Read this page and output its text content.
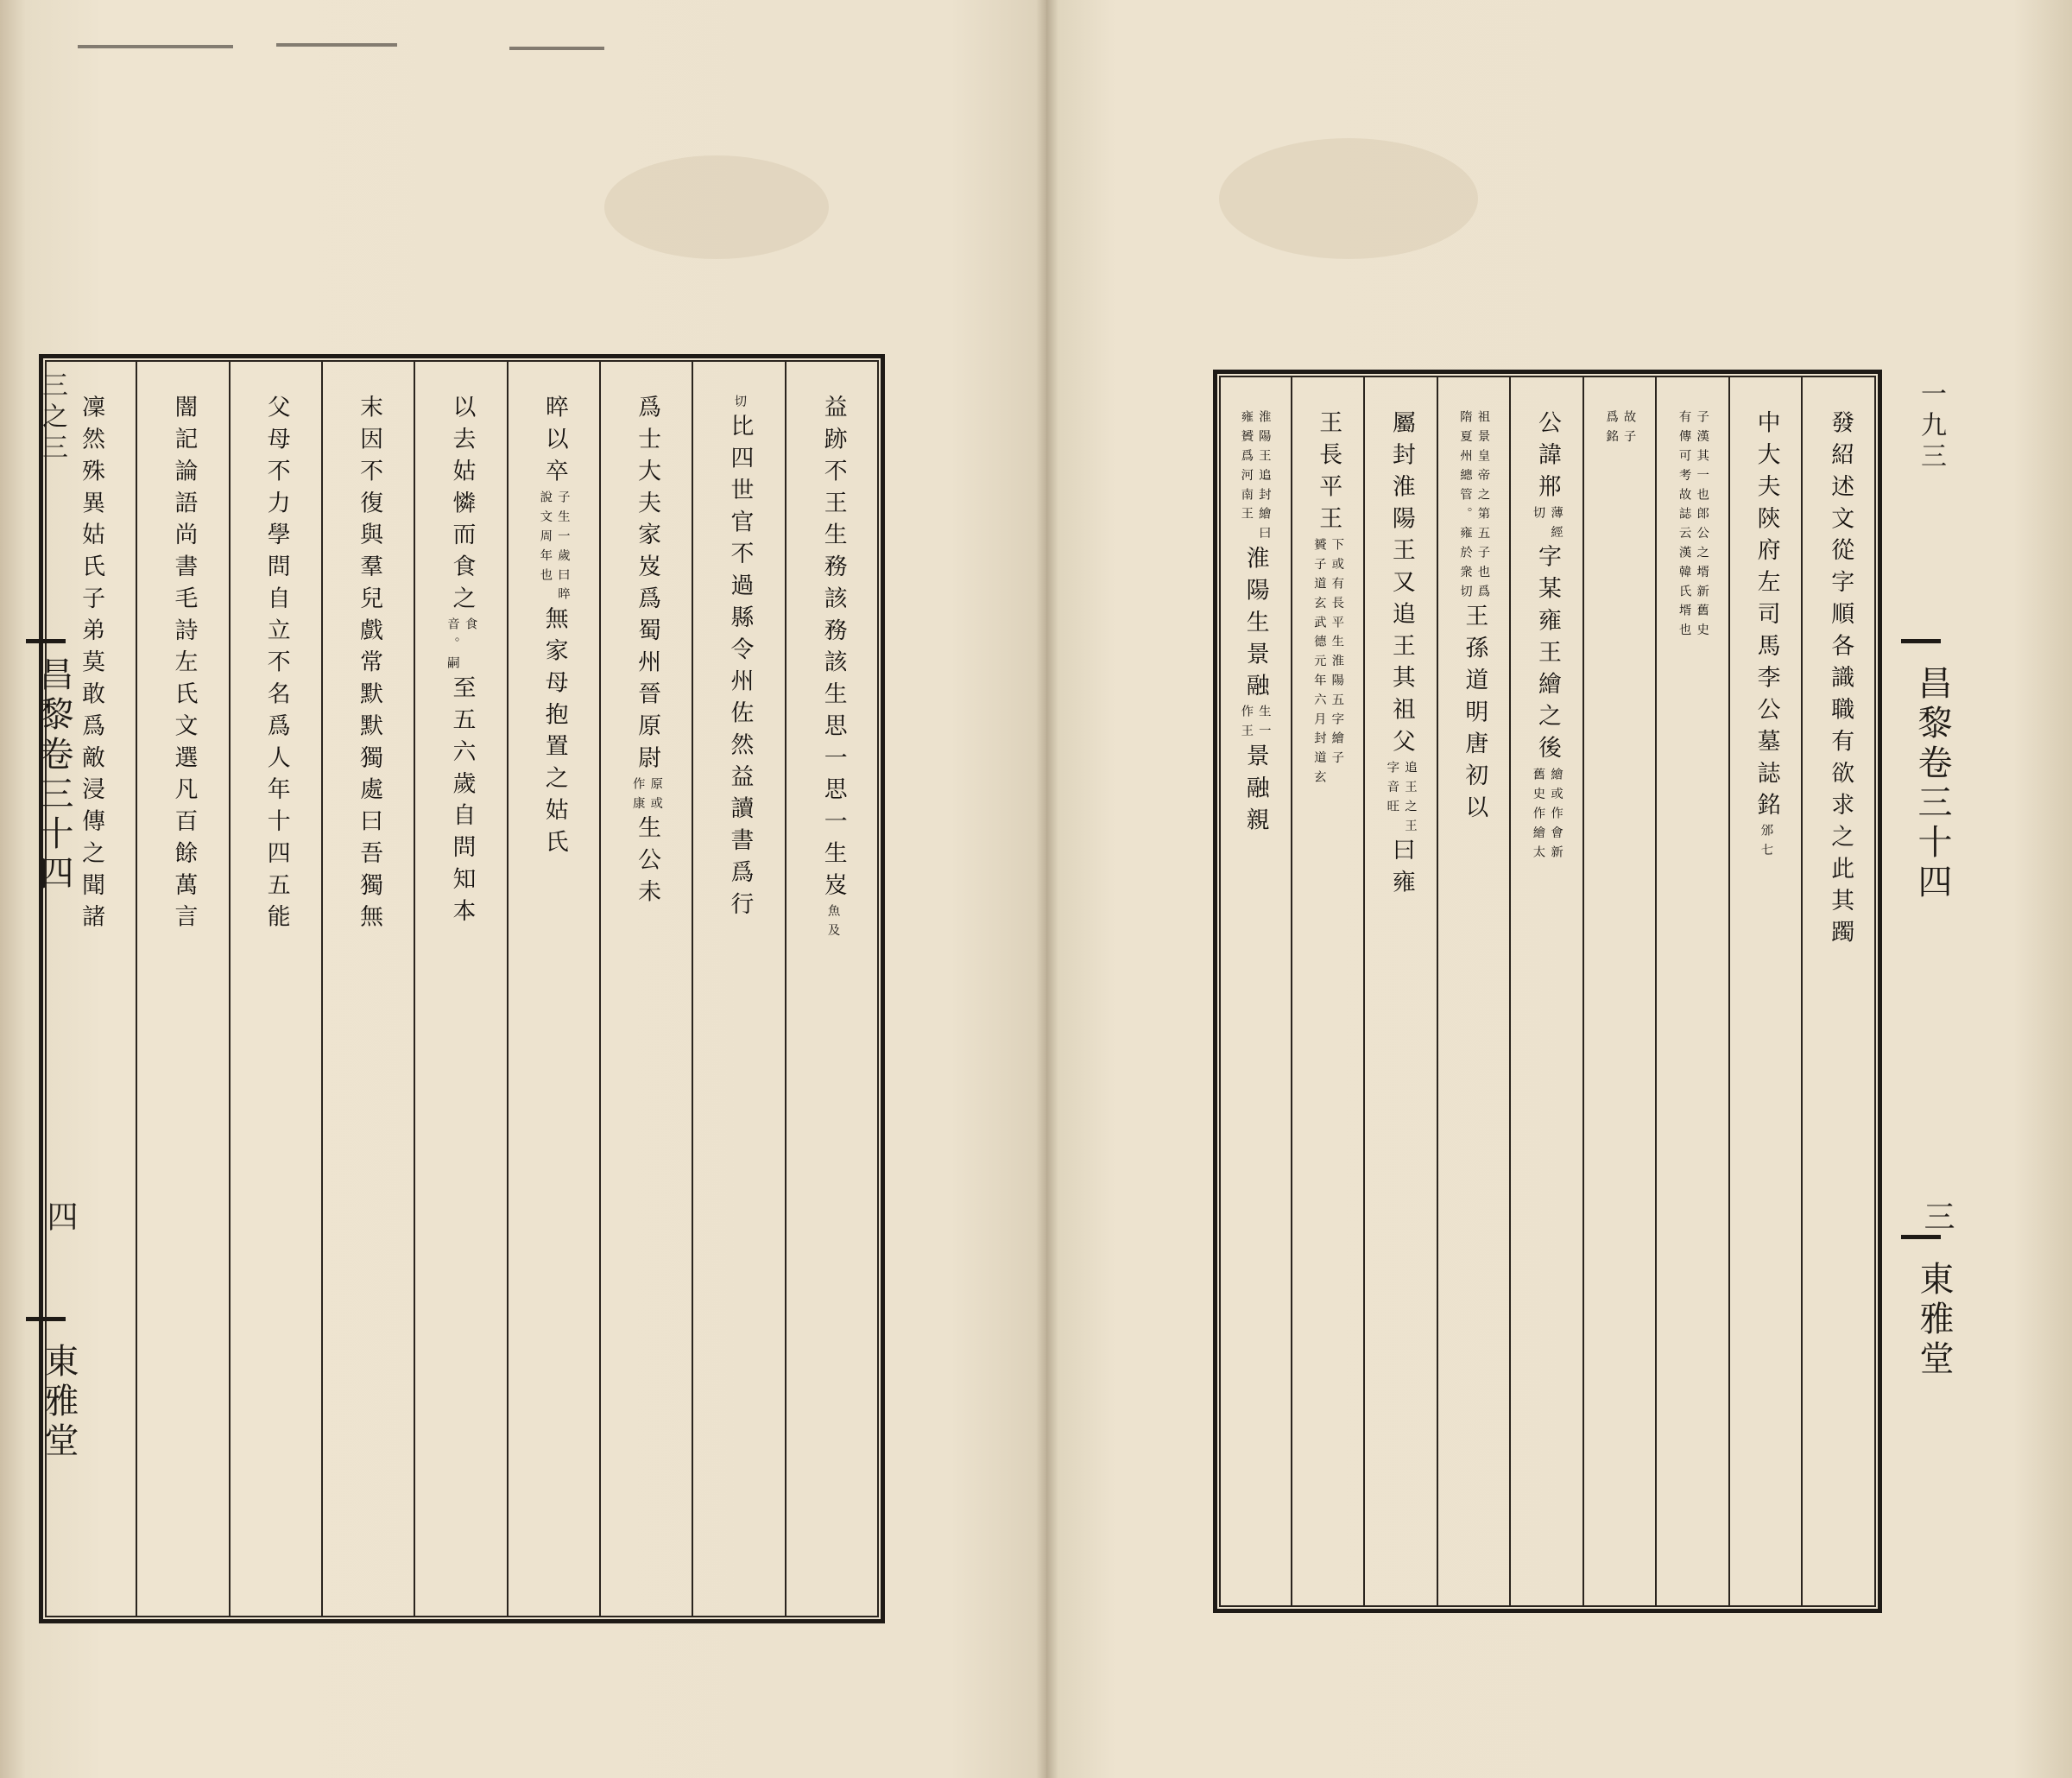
三之三
昌黎卷三十四
四
東雅堂
一九三
昌黎卷三十四
三
東雅堂
益跡不王生務該務該生思一思一生岌
魚及
切
比四世官不過縣令州佐然益讀書爲行
爲士大夫家岌爲蜀州晉原尉
原或
作康
生公未
晬以卒
子生一歲曰晬
說文周年也
無家母抱置之姑氏
以去姑憐而食之
食
音。嗣
至五六歲自問知本
末因不復與羣兒戲常默默獨處曰吾獨無
父母不力學問自立不名爲人年十四五能
闇記論語尚書毛詩左氏文選凡百餘萬言
凜然殊異姑氏子弟莫敢爲敵浸傳之聞諸	發紹述文從字順各識職有欲求之此其躅
中大夫陝府左司馬李公墓誌銘
邠七
子漢其一也郎公之壻新舊史
有傳可考故誌云漢韓氏壻也
故子
爲銘
公諱郱
薄經
切
字某雍王繪之後
繪或作會新
舊史作繪太
祖景皇帝之第五子也爲
隋夏州總管。雍於衆切
王孫道明唐初以
屬封淮陽王又追王其祖父
追王之王
字音旺
曰雍
王長平王
下或有長平生淮陽五字繪子
贇子道玄武德元年六月封道玄
淮陽王追封繪曰
雍贇爲河南王
淮陽生景融
生一
作王
景融親
